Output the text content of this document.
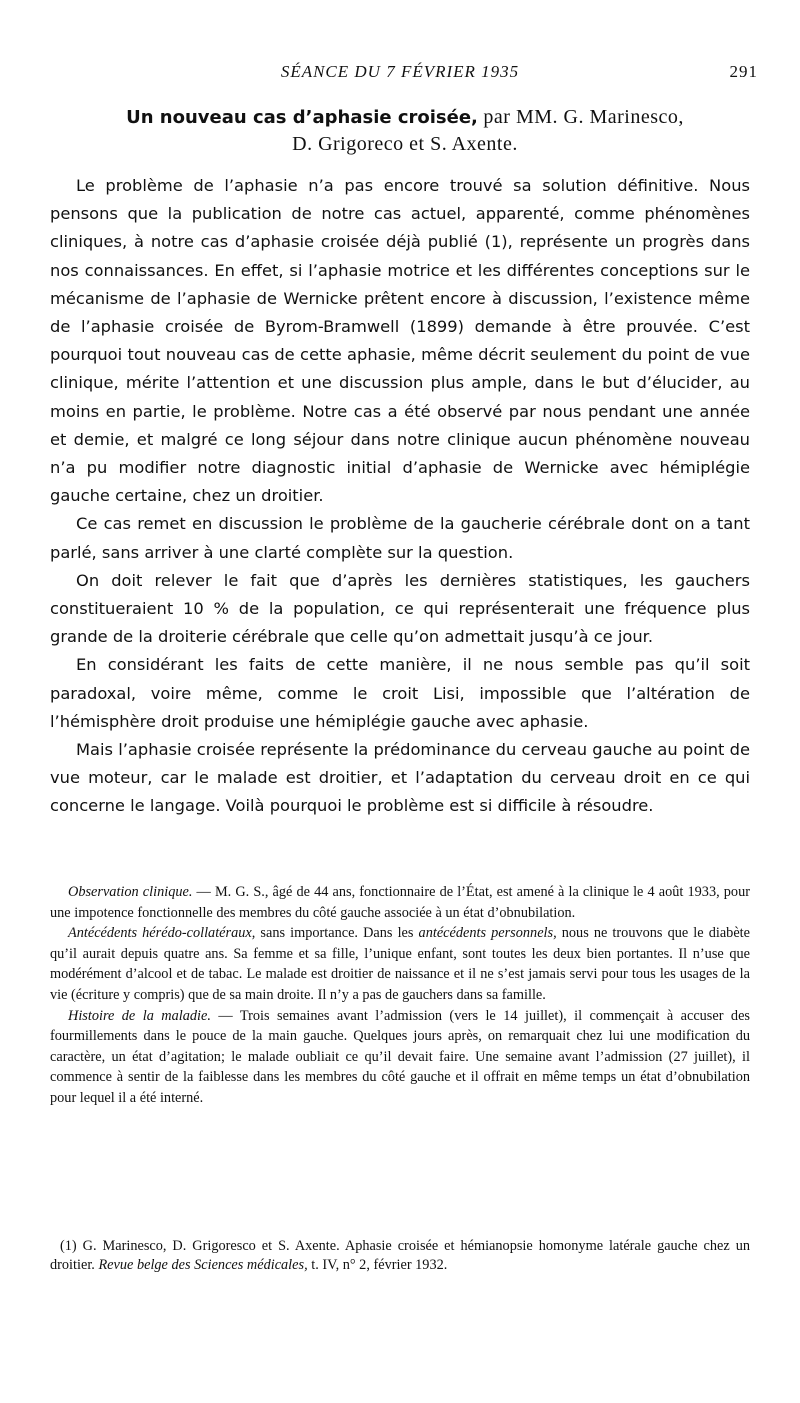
SÉANCE DU 7 FÉVRIER 1935	291
Un nouveau cas d’aphasie croisée, par MM. G. Marinesco,
D. Grigoreco et S. Axente.

Le problème de l’aphasie n’a pas encore trouvé sa solution définitive. Nous pensons que la publication de notre cas actuel, apparenté, comme phénomènes cliniques, à notre cas d’aphasie croisée déjà publié (1), représente un progrès dans nos connaissances. En effet, si l’aphasie motrice et les différentes conceptions sur le mécanisme de l’aphasie de Wernicke prêtent encore à discussion, l’existence même de l’aphasie croisée de Byrom-Bramwell (1899) demande à être prouvée. C’est pourquoi tout nouveau cas de cette aphasie, même décrit seulement du point de vue clinique, mérite l’attention et une discussion plus ample, dans le but d’élucider, au moins en partie, le problème. Notre cas a été observé par nous pendant une année et demie, et malgré ce long séjour dans notre clinique aucun phénomène nouveau n’a pu modifier notre diagnostic initial d’aphasie de Wernicke avec hémiplégie gauche certaine, chez un droitier.

Ce cas remet en discussion le problème de la gaucherie cérébrale dont on a tant parlé, sans arriver à une clarté complète sur la question.

On doit relever le fait que d’après les dernières statistiques, les gauchers constitueraient 10 % de la population, ce qui représenterait une fréquence plus grande de la droiterie cérébrale que celle qu’on admettait jusqu’à ce jour.

En considérant les faits de cette manière, il ne nous semble pas qu’il soit paradoxal, voire même, comme le croit Lisi, impossible que l’altération de l’hémisphère droit produise une hémiplégie gauche avec aphasie.

Mais l’aphasie croisée représente la prédominance du cerveau gauche au point de vue moteur, car le malade est droitier, et l’adaptation du cerveau droit en ce qui concerne le langage. Voilà pourquoi le problème est si difficile à résoudre.

Observation clinique. — M. G. S., âgé de 44 ans, fonctionnaire de l’État, est amené à la clinique le 4 août 1933, pour une impotence fonctionnelle des membres du côté gauche associée à un état d’obnubilation.

Antécédents hérédo-collatéraux, sans importance. Dans les antécédents personnels, nous ne trouvons que le diabète qu’il aurait depuis quatre ans. Sa femme et sa fille, l’unique enfant, sont toutes les deux bien portantes. Il n’use que modérément d’alcool et de tabac. Le malade est droitier de naissance et il ne s’est jamais servi pour tous les usages de la vie (écriture y compris) que de sa main droite. Il n’y a pas de gauchers dans sa famille.

Histoire de la maladie. — Trois semaines avant l’admission (vers le 14 juillet), il commençait à accuser des fourmillements dans le pouce de la main gauche. Quelques jours après, on remarquait chez lui une modification du caractère, un état d’agitation; le malade oubliait ce qu’il devait faire. Une semaine avant l’admission (27 juillet), il commence à sentir de la faiblesse dans les membres du côté gauche et il offrait en même temps un état d’obnubilation pour lequel il a été interné.

(1) G. Marinesco, D. Grigoresco et S. Axente. Aphasie croisée et hémianopsie homonyme latérale gauche chez un droitier. Revue belge des Sciences médicales, t. IV, n° 2, février 1932.
